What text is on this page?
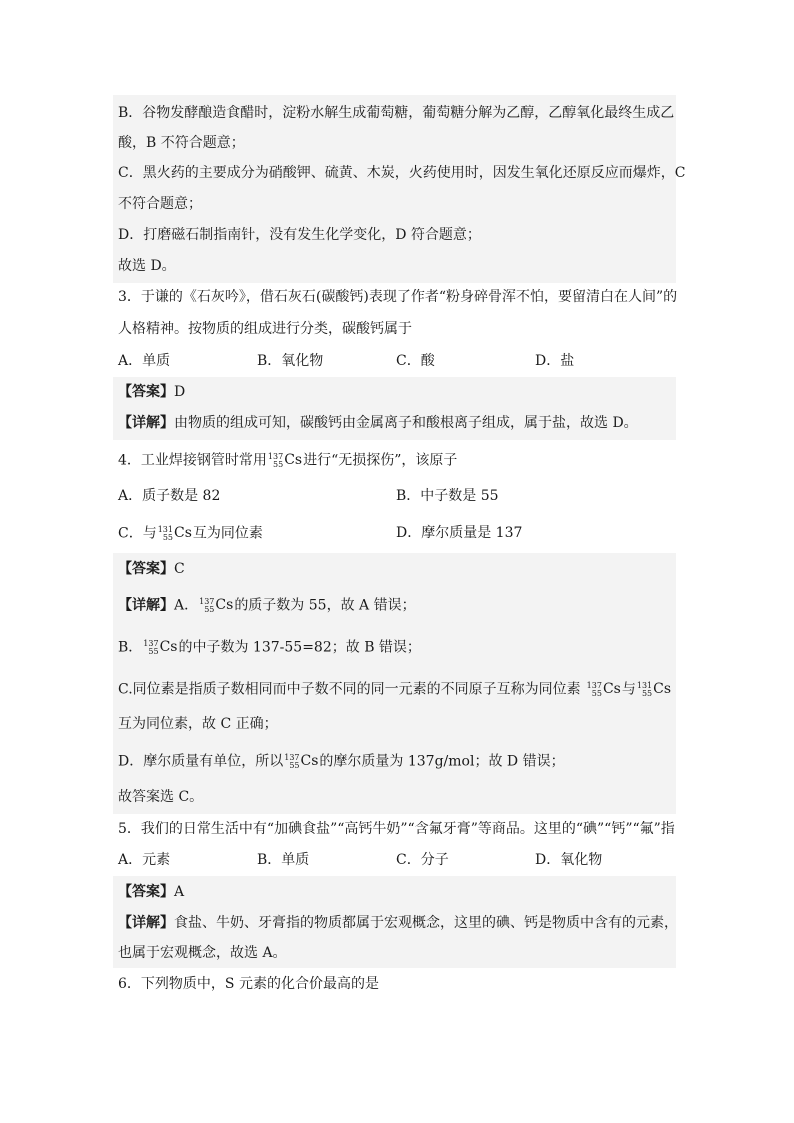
B．谷物发酵酿造食醋时，淀粉水解生成葡萄糖，葡萄糖分解为乙醇，乙醇氧化最终生成乙
酸，B 不符合题意；
C．黑火药的主要成分为硝酸钾、硫黄、木炭，火药使用时，因发生氧化还原反应而爆炸，C
不符合题意；
D．打磨磁石制指南针，没有发生化学变化，D 符合题意；
故选 D。
3．于谦的《石灰吟》，借石灰石(碳酸钙)表现了作者“粉身碎骨浑不怕，要留清白在人间”的
人格精神。按物质的组成进行分类，碳酸钙属于
A．单质	B．氧化物	C．酸	D．盐
【答案】D
【详解】由物质的组成可知，碳酸钙由金属离子和酸根离子组成，属于盐，故选 D。
4．工业焊接钢管时常用 137
55 Cs 进行“无损探伤”，该原子
A．质子数是 82	B．中子数是 55
C．与 131
55 Cs 互为同位素	D．摩尔质量是 137
【答案】C
【详解】A． 137
55 Cs 的质子数为 55，故 A 错误；
B． 137
55 Cs 的中子数为 137-55=82；故 B 错误；
C.同位素是指质子数相同而中子数不同的同一元素的不同原子互称为同位素 137
55 Cs 与 131
55 Cs
互为同位素，故 C 正确；
D．摩尔质量有单位，所以 137
55 Cs 的摩尔质量为 137g/mol；故 D 错误；
故答案选 C。
5．我们的日常生活中有“加碘食盐”“高钙牛奶”“含氟牙膏”等商品。这里的“碘”“钙”“氟”指
A．元素	B．单质	C．分子	D．氧化物
【答案】A
【详解】食盐、牛奶、牙膏指的物质都属于宏观概念，这里的碘、钙是物质中含有的元素，
也属于宏观概念，故选 A。
6．下列物质中，S 元素的化合价最高的是
